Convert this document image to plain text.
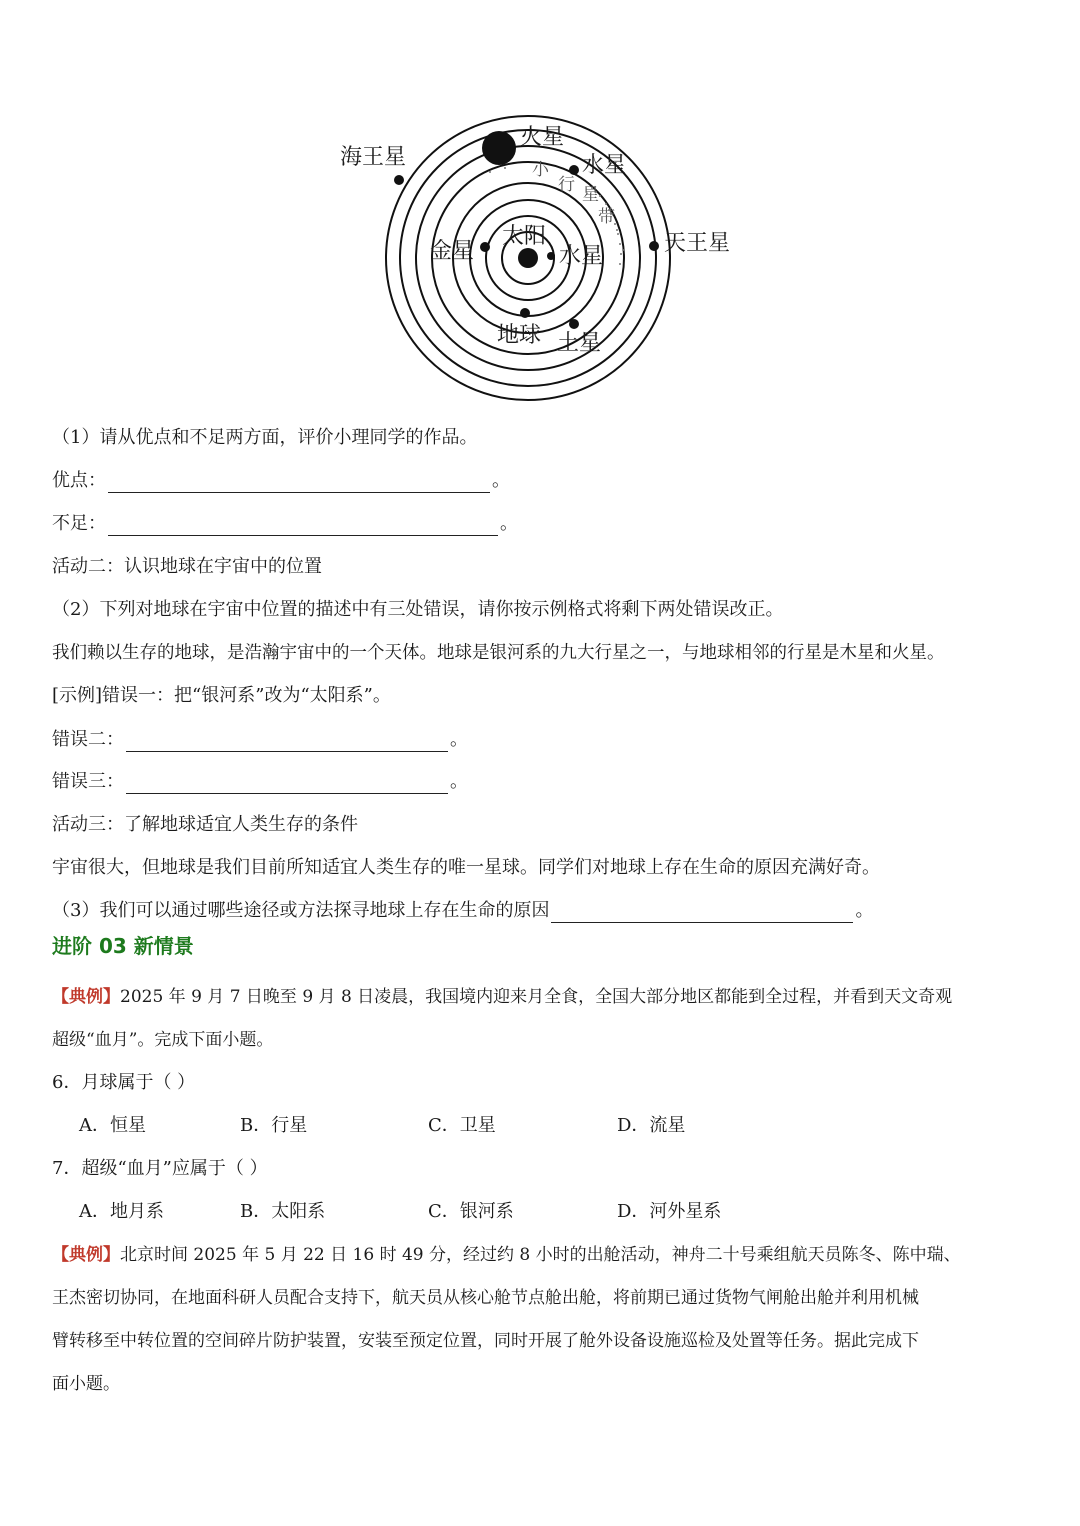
海王星
火星
小
行 星
带
水星
天王星
太阳
金星	水星
地球 土星
（1）请从优点和不足两方面，评价小理同学的作品。
优点：	。
不足：	。
活动二：认识地球在宇宙中的位置
（2）下列对地球在宇宙中位置的描述中有三处错误，请你按示例格式将剩下两处错误改正。
我们赖以生存的地球，是浩瀚宇宙中的一个天体。地球是银河系的九大行星之一，与地球相邻的行星是木星和火星。
[示例]错误一：把“银河系”改为“太阳系”。
错误二：	。
错误三：	。
活动三：了解地球适宜人类生存的条件
宇宙很大，但地球是我们目前所知适宜人类生存的唯一星球。同学们对地球上存在生命的原因充满好奇。
（3）我们可以通过哪些途径或方法探寻地球上存在生命的原因	。
进阶 03 新情景
【典例】2025 年 9 月 7 日晚至 9 月 8 日凌晨，我国境内迎来月全食，全国大部分地区都能到全过程，并看到天文奇观
超级“血月”。完成下面小题。
6．月球属于（ ）
A．恒星	B．行星	C．卫星	D．流星
7．超级“血月”应属于（ ）
A．地月系	B．太阳系	C．银河系	D．河外星系
【典例】北京时间 2025 年 5 月 22 日 16 时 49 分，经过约 8 小时的出舱活动，神舟二十号乘组航天员陈冬、陈中瑞、
王杰密切协同，在地面科研人员配合支持下，航天员从核心舱节点舱出舱，将前期已通过货物气闸舱出舱并利用机械
臂转移至中转位置的空间碎片防护装置，安装至预定位置，同时开展了舱外设备设施巡检及处置等任务。据此完成下
面小题。
